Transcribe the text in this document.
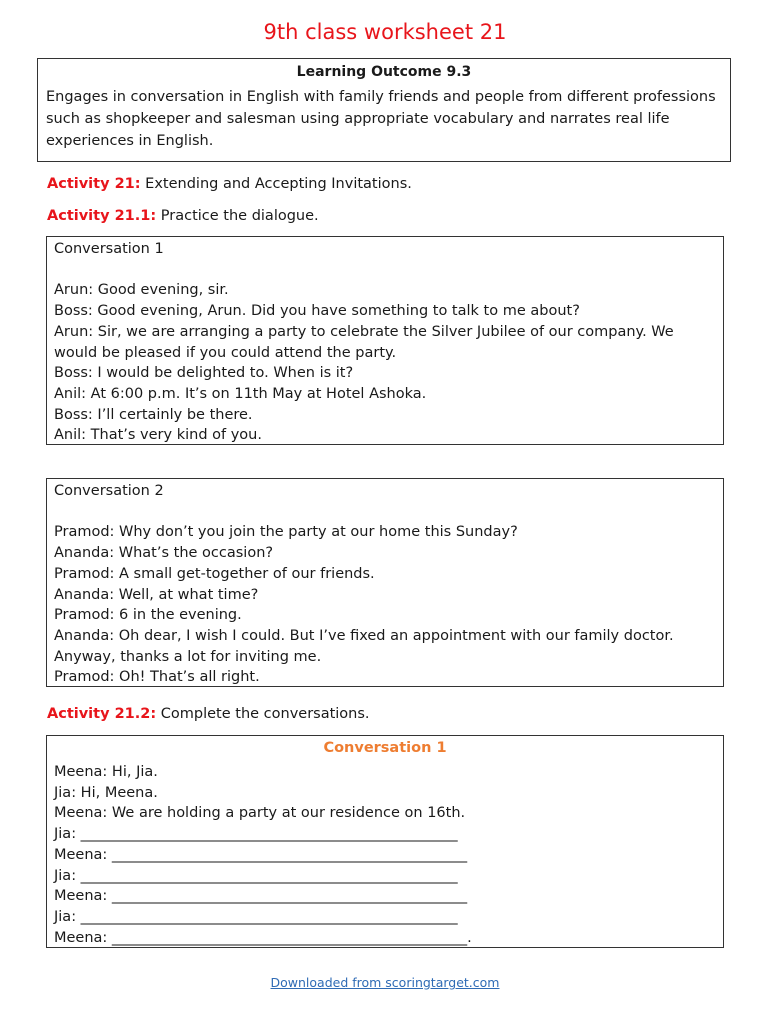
9th class worksheet 21
Learning Outcome 9.3
Engages in conversation in English with family friends and people from different professions such as shopkeeper and salesman using appropriate vocabulary and narrates real life experiences in English.
Activity 21: Extending and Accepting Invitations.
Activity 21.1: Practice the dialogue.
Conversation 1
Arun: Good evening, sir.
Boss: Good evening, Arun. Did you have something to talk to me about?
Arun: Sir, we are arranging a party to celebrate the Silver Jubilee of our company. We would be pleased if you could attend the party.
Boss: I would be delighted to. When is it?
Anil: At 6:00 p.m. It’s on 11th May at Hotel Ashoka.
Boss: I’ll certainly be there.
Anil: That’s very kind of you.
Conversation 2
Pramod: Why don’t you join the party at our home this Sunday?
Ananda: What’s the occasion?
Pramod: A small get-together of our friends.
Ananda: Well, at what time?
Pramod: 6 in the evening.
Ananda: Oh dear, I wish I could. But I’ve fixed an appointment with our family doctor.
Anyway, thanks a lot for inviting me.
Pramod: Oh! That’s all right.
Activity 21.2: Complete the conversations.
Conversation 1
Meena: Hi, Jia.
Jia: Hi, Meena.
Meena: We are holding a party at our residence on 16th.
Jia: ____________________________________________________
Meena: _________________________________________________
Jia: ____________________________________________________
Meena: _________________________________________________
Jia: ____________________________________________________
Meena: _________________________________________________.
Downloaded from scoringtarget.com
